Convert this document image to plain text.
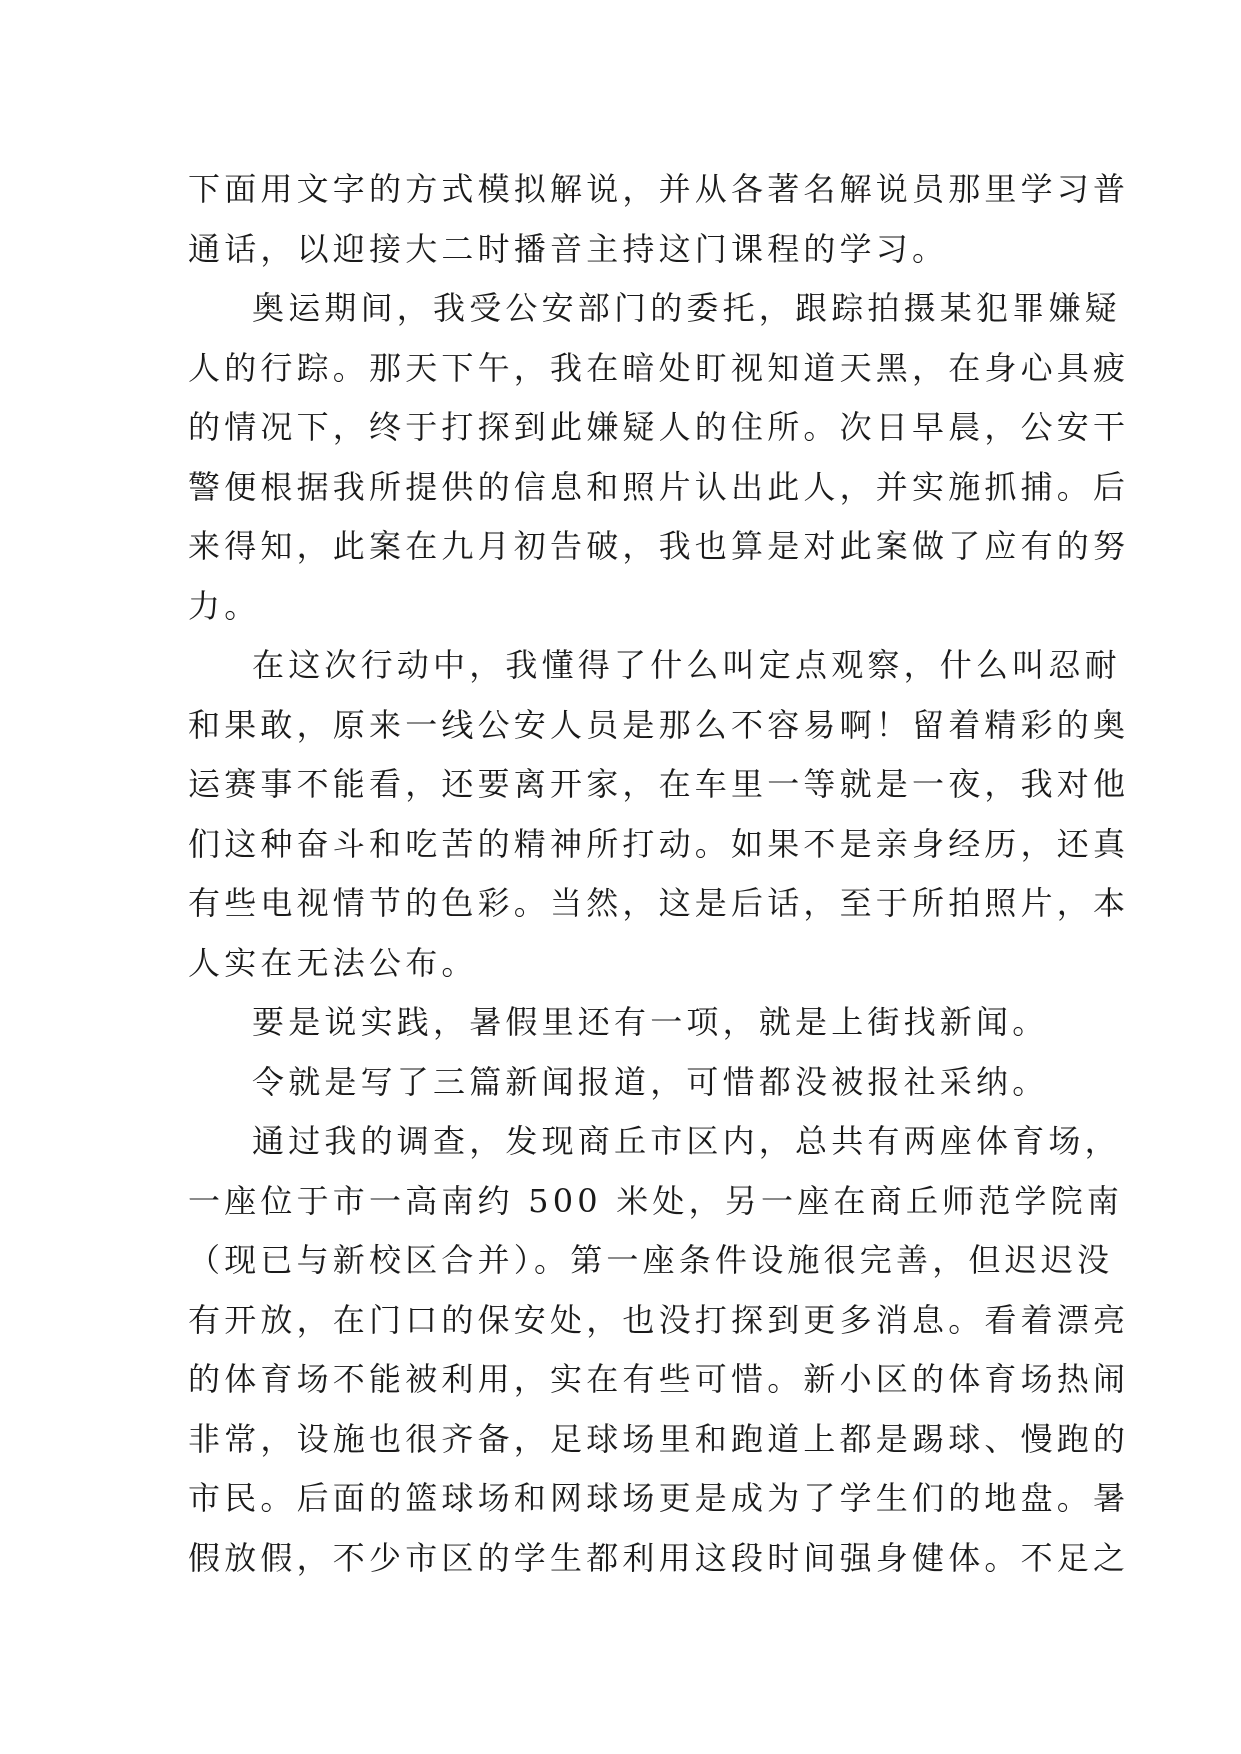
下面用文字的方式模拟解说，并从各著名解说员那里学习普
通话，以迎接大二时播音主持这门课程的学习。
奥运期间，我受公安部门的委托，跟踪拍摄某犯罪嫌疑
人的行踪。那天下午，我在暗处盯视知道天黑，在身心具疲
的情况下，终于打探到此嫌疑人的住所。次日早晨，公安干
警便根据我所提供的信息和照片认出此人，并实施抓捕。后
来得知，此案在九月初告破，我也算是对此案做了应有的努
力。
在这次行动中，我懂得了什么叫定点观察，什么叫忍耐
和果敢，原来一线公安人员是那么不容易啊！留着精彩的奥
运赛事不能看，还要离开家，在车里一等就是一夜，我对他
们这种奋斗和吃苦的精神所打动。如果不是亲身经历，还真
有些电视情节的色彩。当然，这是后话，至于所拍照片，本
人实在无法公布。
要是说实践，暑假里还有一项，就是上街找新闻。
令就是写了三篇新闻报道，可惜都没被报社采纳。
通过我的调查，发现商丘市区内，总共有两座体育场，
一座位于市一高南约 500 米处，另一座在商丘师范学院南
（现已与新校区合并）。第一座条件设施很完善，但迟迟没
有开放，在门口的保安处，也没打探到更多消息。看着漂亮
的体育场不能被利用，实在有些可惜。新小区的体育场热闹
非常，设施也很齐备，足球场里和跑道上都是踢球、慢跑的
市民。后面的篮球场和网球场更是成为了学生们的地盘。暑
假放假，不少市区的学生都利用这段时间强身健体。不足之
